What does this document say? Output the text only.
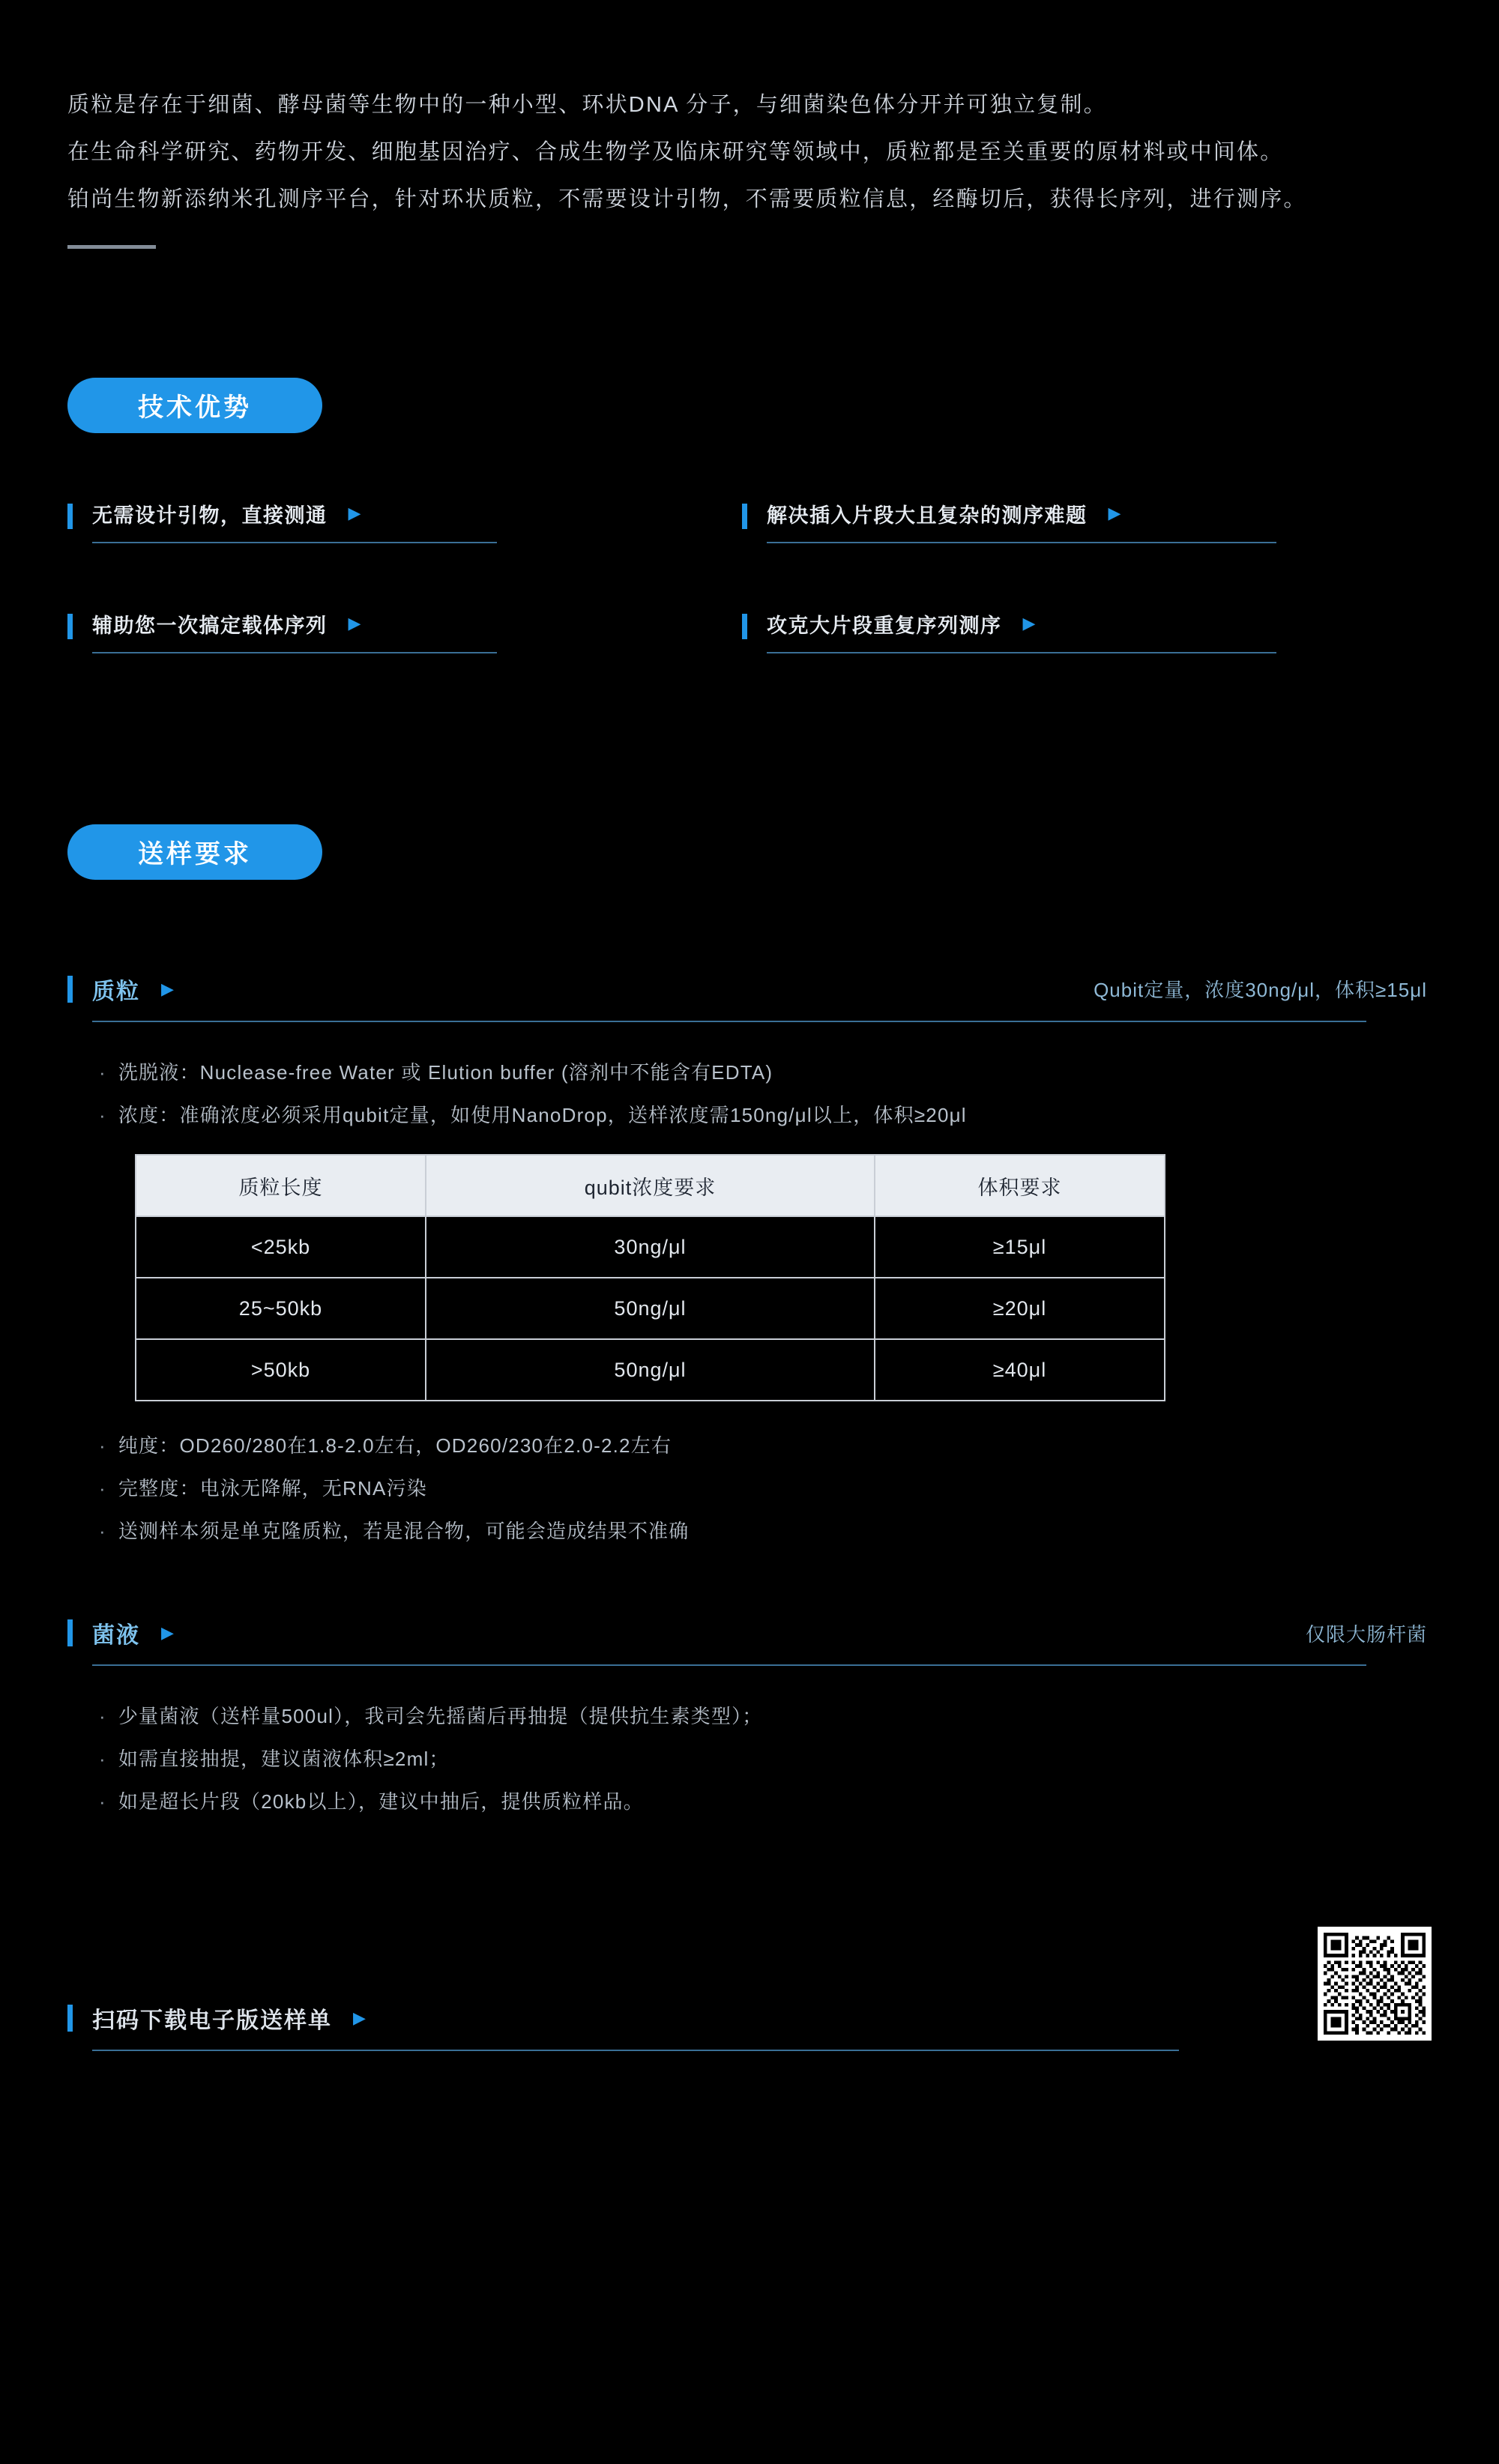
质粒是存在于细菌、酵母菌等生物中的一种小型、环状DNA 分子，与细菌染色体分开并可独立复制。

在生命科学研究、药物开发、细胞基因治疗、合成生物学及临床研究等领域中，质粒都是至关重要的原材料或中间体。

铂尚生物新添纳米孔测序平台，针对环状质粒，不需要设计引物，不需要质粒信息，经酶切后，获得长序列，进行测序。

技术优势
无需设计引物，直接测通 ▶	解决插入片段大且复杂的测序难题 ▶
辅助您一次搞定载体序列 ▶	攻克大片段重复序列测序 ▶
送样要求
质粒 ▶	Qubit定量，浓度30ng/μl，体积≥15μl
· 洗脱液：Nuclease-free Water 或 Elution buffer (溶剂中不能含有EDTA)
· 浓度：准确浓度必须采用qubit定量，如使用NanoDrop，送样浓度需150ng/μl以上，体积≥20μl
质粒长度	qubit浓度要求	体积要求
<25kb	30ng/μl	≥15μl
25~50kb	50ng/μl	≥20μl
>50kb	50ng/μl	≥40μl
· 纯度：OD260/280在1.8-2.0左右，OD260/230在2.0-2.2左右
· 完整度：电泳无降解，无RNA污染
· 送测样本须是单克隆质粒，若是混合物，可能会造成结果不准确
菌液 ▶	仅限大肠杆菌
· 少量菌液（送样量500ul），我司会先摇菌后再抽提（提供抗生素类型）；
· 如需直接抽提，建议菌液体积≥2ml；
· 如是超长片段（20kb以上），建议中抽后，提供质粒样品。
扫码下载电子版送样单 ▶
